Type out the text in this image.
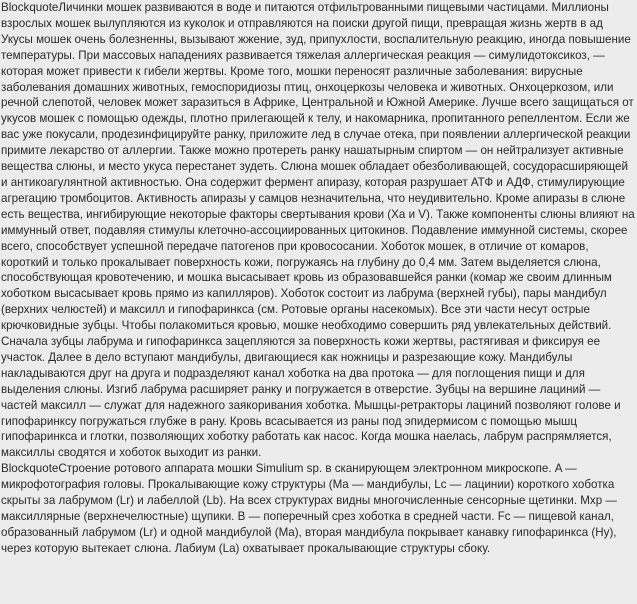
BlockquoteЛичинки мошек развиваются в воде и питаются отфильтрованными пищевыми частицами. Миллионы взрослых мошек вылупляются из куколок и отправляются на поиски другой пищи, превращая жизнь жертв в ад Укусы мошек очень болезненны, вызывают жжение, зуд, припухлости, воспалительную реакцию, иногда повышение температуры. При массовых нападениях развивается тяжелая аллергическая реакция — симулидотоксикоз, — которая может привести к гибели жертвы. Кроме того, мошки переносят различные заболевания: вирусные заболевания домашних животных, гемоспоридиозы птиц, онхоцеркозы человека и животных. Онхоцеркозом, или речной слепотой, человек может заразиться в Африке, Центральной и Южной Америке. Лучше всего защищаться от укусов мошек с помощью одежды, плотно прилегающей к телу, и накомарника, пропитанного репеллентом. Если же вас уже покусали, продезинфицируйте ранку, приложите лед в случае отека, при появлении аллергической реакции примите лекарство от аллергии. Также можно протереть ранку нашатырным спиртом — он нейтрализует активные вещества слюны, и место укуса перестанет зудеть. Слюна мошек обладает обезболивающей, сосудорасширяющей и антикоагулянтной активностью. Она содержит фермент апиразу, которая разрушает АТФ и АДФ, стимулирующие агрегацию тромбоцитов. Активность апиразы у самцов незначительна, что неудивительно. Кроме апиразы в слюне есть вещества, ингибирующие некоторые факторы свертывания крови (Xa и V). Также компоненты слюны влияют на иммунный ответ, подавляя стимулы клеточно-ассоциированных цитокинов. Подавление иммунной системы, скорее всего, способствует успешной передаче патогенов при кровососании. Хоботок мошек, в отличие от комаров, короткий и только прокалывает поверхность кожи, погружаясь на глубину до 0,4 мм. Затем выделяется слюна, способствующая кровотечению, и мошка высасывает кровь из образовавшейся ранки (комар же своим длинным хоботком высасывает кровь прямо из капилляров). Хоботок состоит из лабрума (верхней губы), пары мандибул (верхних челюстей) и максилл и гипофаринкса (см. Ротовые органы насекомых). Все эти части несут острые крючковидные зубцы. Чтобы полакомиться кровью, мошке необходимо совершить ряд увлекательных действий. Сначала зубцы лабрума и гипофаринкса зацепляются за поверхность кожи жертвы, растягивая и фиксируя ее участок. Далее в дело вступают мандибулы, двигающиеся как ножницы и разрезающие кожу. Мандибулы накладываются друг на друга и подразделяют канал хоботка на два протока — для поглощения пищи и для выделения слюны. Изгиб лабрума расширяет ранку и погружается в отверстие. Зубцы на вершине лациний — частей максилл — служат для надежного заякоривания хоботка. Мышцы-ретракторы лациний позволяют голове и гипофаринксу погружаться глубже в рану. Кровь всасывается из раны под эпидермисом с помощью мышц гипофаринкса и глотки, позволяющих хоботку работать как насос. Когда мошка наелась, лабрум распрямляется, максиллы сводятся и хоботок выходит из ранки.

BlockquoteСтроение ротового аппарата мошки Simulium sp. в сканирующем электронном микроскопе. A — микрофотография головы. Прокалывающие кожу структуры (Ma — мандибулы, Lc — лацинии) короткого хоботка скрыты за лабрумом (Lr) и лабеллой (Lb). На всех структурах видны многочисленные сенсорные щетинки. Mxp — максиллярные (верхнечелюстные) щупики. B — поперечный срез хоботка в средней части. Fc — пищевой канал, образованный лабрумом (Lr) и одной мандибулой (Ma), вторая мандибула покрывает канавку гипофаринкса (Hy), через которую вытекает слюна. Лабиум (La) охватывает прокалывающие структуры сбоку.
